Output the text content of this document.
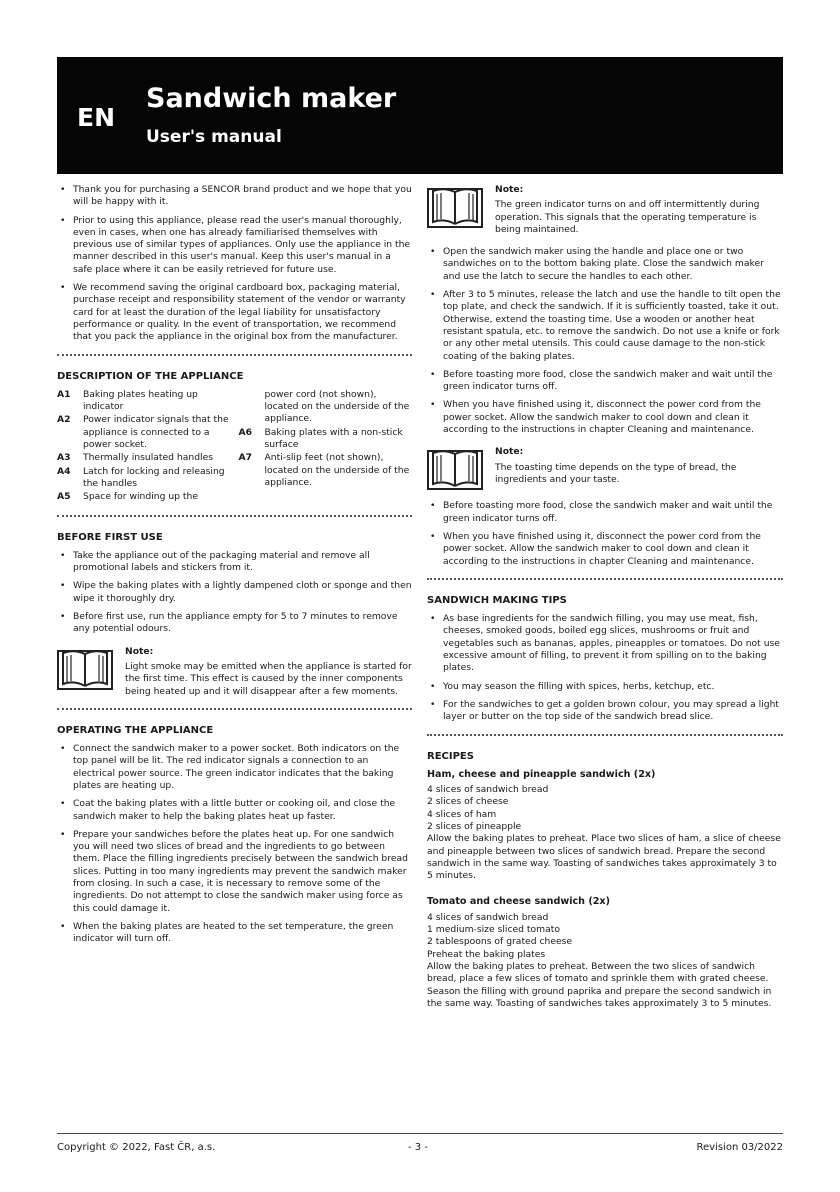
EN
Sandwich maker
User's manual
• Thank you for purchasing a SENCOR brand product and we hope that you will be happy with it.
• Prior to using this appliance, please read the user's manual thoroughly, even in cases, when one has already familiarised themselves with previous use of similar types of appliances. Only use the appliance in the manner described in this user's manual. Keep this user's manual in a safe place where it can be easily retrieved for future use.
• We recommend saving the original cardboard box, packaging material, purchase receipt and responsibility statement of the vendor or warranty card for at least the duration of the legal liability for unsatisfactory performance or quality. In the event of transportation, we recommend that you pack the appliance in the original box from the manufacturer.
DESCRIPTION OF THE APPLIANCE
A1	Baking plates heating up indicator
A2	Power indicator signals that the appliance is connected to a power socket.
A3	Thermally insulated handles
A4	Latch for locking and releasing the handles
A5	Space for winding up the
power cord (not shown), located on the underside of the appliance.
A6	Baking plates with a non-stick surface
A7	Anti-slip feet (not shown), located on the underside of the appliance.
BEFORE FIRST USE
• Take the appliance out of the packaging material and remove all promotional labels and stickers from it.
• Wipe the baking plates with a lightly dampened cloth or sponge and then wipe it thoroughly dry.
• Before first use, run the appliance empty for 5 to 7 minutes to remove any potential odours.
Note:
Light smoke may be emitted when the appliance is started for the first time. This effect is caused by the inner components being heated up and it will disappear after a few moments.
OPERATING THE APPLIANCE
• Connect the sandwich maker to a power socket. Both indicators on the top panel will be lit. The red indicator signals a connection to an electrical power source. The green indicator indicates that the baking plates are heating up.
• Coat the baking plates with a little butter or cooking oil, and close the sandwich maker to help the baking plates heat up faster.
• Prepare your sandwiches before the plates heat up. For one sandwich you will need two slices of bread and the ingredients to go between them. Place the filling ingredients precisely between the sandwich bread slices. Putting in too many ingredients may prevent the sandwich maker from closing. In such a case, it is necessary to remove some of the ingredients. Do not attempt to close the sandwich maker using force as this could damage it.
• When the baking plates are heated to the set temperature, the green indicator will turn off.
Note:
The green indicator turns on and off intermittently during operation. This signals that the operating temperature is being maintained.
• Open the sandwich maker using the handle and place one or two sandwiches on to the bottom baking plate. Close the sandwich maker and use the latch to secure the handles to each other.
• After 3 to 5 minutes, release the latch and use the handle to tilt open the top plate, and check the sandwich. If it is sufficiently toasted, take it out. Otherwise, extend the toasting time. Use a wooden or another heat resistant spatula, etc. to remove the sandwich. Do not use a knife or fork or any other metal utensils. This could cause damage to the non-stick coating of the baking plates.
• Before toasting more food, close the sandwich maker and wait until the green indicator turns off.
• When you have finished using it, disconnect the power cord from the power socket. Allow the sandwich maker to cool down and clean it according to the instructions in chapter Cleaning and maintenance.
Note:
The toasting time depends on the type of bread, the ingredients and your taste.
• Before toasting more food, close the sandwich maker and wait until the green indicator turns off.
• When you have finished using it, disconnect the power cord from the power socket. Allow the sandwich maker to cool down and clean it according to the instructions in chapter Cleaning and maintenance.
SANDWICH MAKING TIPS
• As base ingredients for the sandwich filling, you may use meat, fish, cheeses, smoked goods, boiled egg slices, mushrooms or fruit and vegetables such as bananas, apples, pineapples or tomatoes. Do not use excessive amount of filling, to prevent it from spilling on to the baking plates.
• You may season the filling with spices, herbs, ketchup, etc.
• For the sandwiches to get a golden brown colour, you may spread a light layer or butter on the top side of the sandwich bread slice.
RECIPES
Ham, cheese and pineapple sandwich (2x)

4 slices of sandwich bread

2 slices of cheese

4 slices of ham

2 slices of pineapple

Allow the baking plates to preheat. Place two slices of ham, a slice of cheese and pineapple between two slices of sandwich bread. Prepare the second sandwich in the same way. Toasting of sandwiches takes approximately 3 to 5 minutes.

Tomato and cheese sandwich (2x)

4 slices of sandwich bread

1 medium-size sliced tomato

2 tablespoons of grated cheese

Preheat the baking plates

Allow the baking plates to preheat. Between the two slices of sandwich bread, place a few slices of tomato and sprinkle them with grated cheese. Season the filling with ground paprika and prepare the second sandwich in the same way. Toasting of sandwiches takes approximately 3 to 5 minutes.

Copyright © 2022, Fast ČR, a.s.	- 3 -	Revision 03/2022
